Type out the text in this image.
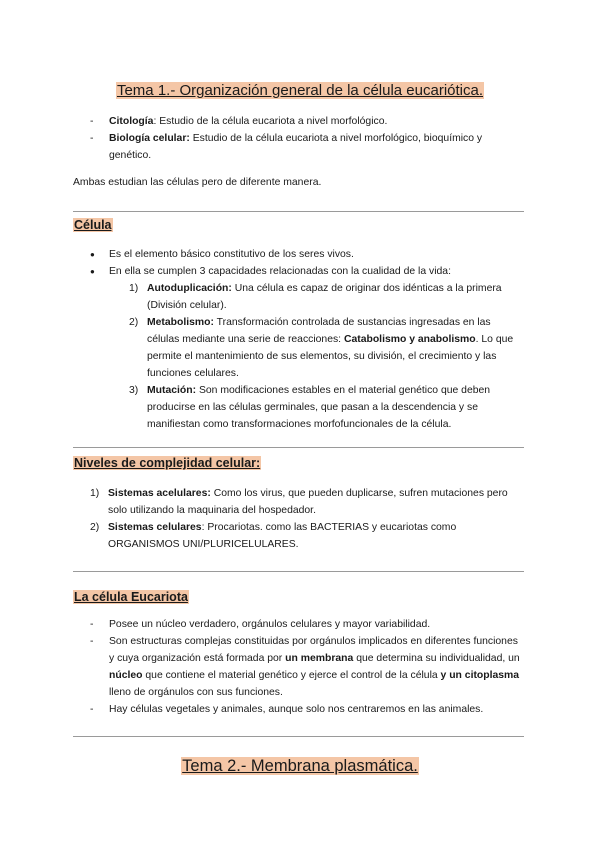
Tema 1.- Organización general de la célula eucariótica.
- Citología: Estudio de la célula eucariota a nivel morfológico.
- Biología celular: Estudio de la célula eucariota a nivel morfológico, bioquímico y genético.

Ambas estudian las células pero de diferente manera.

Célula
● Es el elemento básico constitutivo de los seres vivos.
● En ella se cumplen 3 capacidades relacionadas con la cualidad de la vida:
1) Autoduplicación: Una célula es capaz de originar dos idénticas a la primera (División celular).
2) Metabolismo: Transformación controlada de sustancias ingresadas en las células mediante una serie de reacciones: Catabolismo y anabolismo. Lo que permite el mantenimiento de sus elementos, su división, el crecimiento y las funciones celulares.
3) Mutación: Son modificaciones estables en el material genético que deben producirse en las células germinales, que pasan a la descendencia y se manifiestan como transformaciones morfofuncionales de la célula.
Niveles de complejidad celular:
1) Sistemas acelulares: Como los virus, que pueden duplicarse, sufren mutaciones pero solo utilizando la maquinaria del hospedador.
2) Sistemas celulares: Procariotas. como las BACTERIAS y eucariotas como ORGANISMOS UNI/PLURICELULARES.
La célula Eucariota
- Posee un núcleo verdadero, orgánulos celulares y mayor variabilidad.
- Son estructuras complejas constituidas por orgánulos implicados en diferentes funciones y cuya organización está formada por un membrana que determina su individualidad, un núcleo que contiene el material genético y ejerce el control de la célula y un citoplasma lleno de orgánulos con sus funciones.
- Hay células vegetales y animales, aunque solo nos centraremos en las animales.
Tema 2.- Membrana plasmática.
